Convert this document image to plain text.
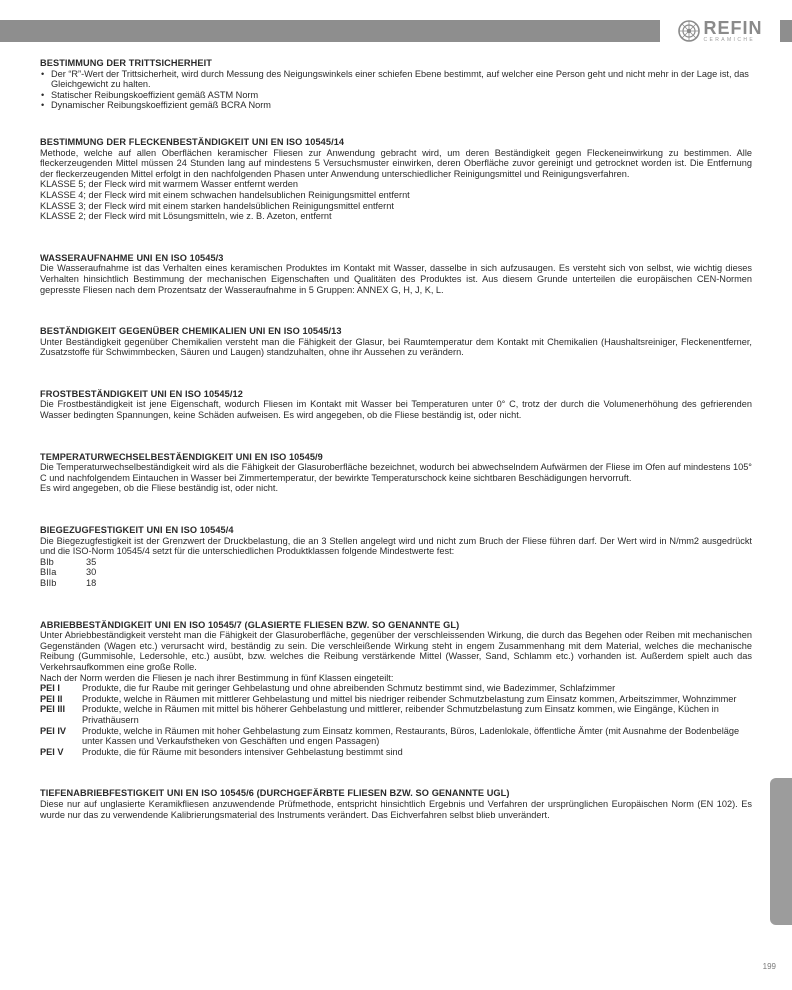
REFIN
CERAMICHE

BESTIMMUNG DER TRITTSICHERHEIT

• Der “R”-Wert der Trittsicherheit, wird durch Messung des Neigungswinkels einer schiefen Ebene bestimmt, auf welcher eine Person geht und nicht mehr in der Lage ist, das Gleichgewicht zu halten.
• Statischer Reibungskoeffizient gemäß ASTM Norm
• Dynamischer Reibungskoeffizient gemäß BCRA Norm

BESTIMMUNG DER FLECKENBESTÄNDIGKEIT UNI EN ISO 10545/14

Methode, welche auf allen Oberflächen keramischer Fliesen zur Anwendung gebracht wird, um deren Beständigkeit gegen Fleckeneinwirkung zu bestimmen. Alle fleckerzeugenden Mittel müssen 24 Stunden lang auf mindestens 5 Versuchsmuster einwirken, deren Oberfläche zuvor gereinigt und getrocknet worden ist. Die Entfernung der fleckerzeugenden Mittel erfolgt in den nachfolgenden Phasen unter Anwendung unterschiedlicher Reinigungsmittel und Reinigungsverfahren.

KLASSE 5; der Fleck wird mit warmem Wasser entfernt werden

KLASSE 4; der Fleck wird mit einem schwachen handelsublichen Reinigungsmittel entfernt

KLASSE 3; der Fleck wird mit einem starken handelsüblichen Reinigungsmittel entfernt

KLASSE 2; der Fleck wird mit Lösungsmitteln, wie z. B. Azeton, entfernt

WASSERAUFNAHME UNI EN ISO 10545/3

Die Wasseraufnahme ist das Verhalten eines keramischen Produktes im Kontakt mit Wasser, dasselbe in sich aufzusaugen. Es versteht sich von selbst, wie wichtig dieses Verhalten hinsichtlich Bestimmung der mechanischen Eigenschaften und Qualitäten des Produktes ist. Aus diesem Grunde unterteilen die europäischen CEN-Normen gepresste Fliesen nach dem Prozentsatz der Wasseraufnahme in 5 Gruppen: ANNEX G, H, J, K, L.

BESTÄNDIGKEIT GEGENÜBER CHEMIKALIEN UNI EN ISO 10545/13

Unter Beständigkeit gegenüber Chemikalien versteht man die Fähigkeit der Glasur, bei Raumtemperatur dem Kontakt mit Chemikalien (Haushaltsreiniger, Fleckenentferner, Zusatzstoffe für Schwimmbecken, Säuren und Laugen) standzuhalten, ohne ihr Aussehen zu verändern.

FROSTBESTÄNDIGKEIT UNI EN ISO 10545/12

Die Frostbeständigkeit ist jene Eigenschaft, wodurch Fliesen im Kontakt mit Wasser bei Temperaturen unter 0° C, trotz der durch die Volumenerhöhung des gefrierenden Wasser bedingten Spannungen, keine Schäden aufweisen. Es wird angegeben, ob die Fliese beständig ist, oder nicht.

TEMPERATURWECHSELBESTÄENDIGKEIT UNI EN ISO 10545/9

Die Temperaturwechselbeständigkeit wird als die Fähigkeit der Glasuroberfläche bezeichnet, wodurch bei abwechselndem Aufwärmen der Fliese im Ofen auf mindestens 105° C und nachfolgendem Eintauchen in Wasser bei Zimmertemperatur, der bewirkte Temperaturschock keine sichtbaren Beschädigungen hervorruft.

Es wird angegeben, ob die Fliese beständig ist, oder nicht.

BIEGEZUGFESTIGKEIT UNI EN ISO 10545/4

Die Biegezugfestigkeit ist der Grenzwert der Druckbelastung, die an 3 Stellen angelegt wird und nicht zum Bruch der Fliese führen darf. Der Wert wird in N/mm2 ausgedrückt und die ISO-Norm 10545/4 setzt für die unterschiedlichen Produktklassen folgende Mindestwerte fest:

BIb	35
BIIa	30
BIIb	18

ABRIEBBESTÄNDIGKEIT UNI EN ISO 10545/7 (GLASIERTE FLIESEN BZW. SO GENANNTE GL)

Unter Abriebbeständigkeit versteht man die Fähigkeit der Glasuroberfläche, gegenüber der verschleissenden Wirkung, die durch das Begehen oder Reiben mit mechanischen Gegenständen (Wagen etc.) verursacht wird, beständig zu sein. Die verschleißende Wirkung steht in engem Zusammenhang mit dem Material, welches die mechanische Reibung (Gummisohle, Ledersohle, etc.) ausübt, bzw. welches die Reibung verstärkende Mittel (Wasser, Sand, Schlamm etc.) vorhanden ist. Außerdem spielt auch das Verkehrsaufkommen eine große Rolle.

Nach der Norm werden die Fliesen je nach ihrer Bestimmung in fünf Klassen eingeteilt:

PEI I	Produkte, die fur Raube mit geringer Gehbelastung und ohne abreibenden Schmutz bestimmt sind, wie Badezimmer, Schlafzimmer
PEI II	Produkte, welche in Räumen mit mittlerer Gehbelastung und mittel bis niedriger reibender Schmutzbelastung zum Einsatz kommen, Arbeitszimmer, Wohnzimmer
PEI III	Produkte, welche in Räumen mit mittel bis höherer Gehbelastung und mittlerer, reibender Schmutzbelastung zum Einsatz kommen, wie Eingänge, Küchen in Privathäusern
PEI IV	Produkte, welche in Räumen mit hoher Gehbelastung zum Einsatz kommen, Restaurants, Büros, Ladenlokale, öffentliche Ämter (mit Ausnahme der Bodenbeläge unter Kassen und Verkaufstheken von Geschäften und engen Passagen)
PEI V	Produkte, die für Räume mit besonders intensiver Gehbelastung bestimmt sind

TIEFENABRIEBFESTIGKEIT UNI EN ISO 10545/6 (DURCHGEFÄRBTE FLIESEN BZW. SO GENANNTE UGL)

Diese nur auf unglasierte Keramikfliesen anzuwendende Prüfmethode, entspricht hinsichtlich Ergebnis und Verfahren der ursprünglichen Europäischen Norm (EN 102). Es wurde nur das zu verwendende Kalibrierungsmaterial des Instruments verändert. Das Eichverfahren selbst blieb unverändert.

199
